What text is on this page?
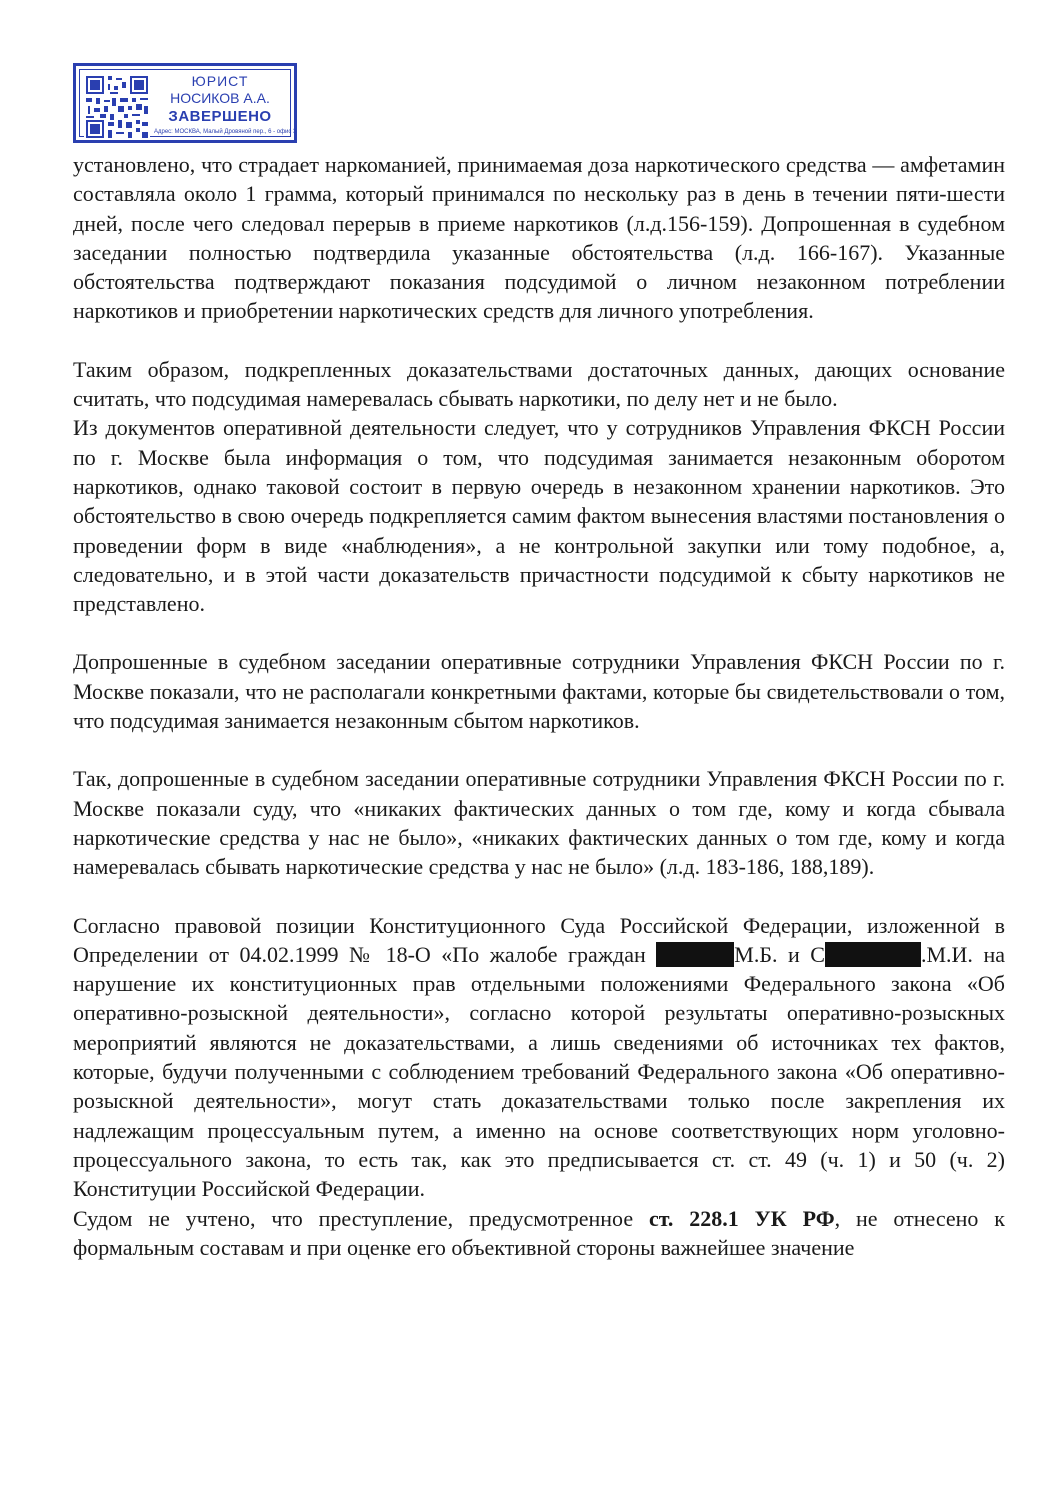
ЮРИСТ
НОСИКОВ А.А.
ЗАВЕРШЕНО
Адрес: МОСКВА, Малый Дровяной пер., 6 - офис 3

установлено, что страдает наркоманией, принимаемая доза наркотического средства — амфетамин составляла около 1 грамма, который принимался по нескольку раз в день в течении пяти-шести дней, после чего следовал перерыв в приеме наркотиков (л.д.156-159). Допрошенная в судебном заседании полностью подтвердила указанные обстоятельства (л.д. 166-167). Указанные обстоятельства подтверждают показания подсудимой о личном незаконном потреблении наркотиков и приобретении наркотических средств для личного употребления.

Таким образом, подкрепленных доказательствами достаточных данных, дающих основание считать, что подсудимая намеревалась сбывать наркотики, по делу нет и не было.

Из документов оперативной деятельности следует, что у сотрудников Управления ФКСН России по г. Москве была информация о том, что подсудимая занимается незаконным оборотом наркотиков, однако таковой состоит в первую очередь в незаконном хранении наркотиков. Это обстоятельство в свою очередь подкрепляется самим фактом вынесения властями постановления о проведении форм в виде «наблюдения», а не контрольной закупки или тому подобное, а, следовательно, и в этой части доказательств причастности подсудимой к сбыту наркотиков не представлено.

Допрошенные в судебном заседании оперативные сотрудники Управления ФКСН России по г. Москве показали, что не располагали конкретными фактами, которые бы свидетельствовали о том, что подсудимая занимается незаконным сбытом наркотиков.

Так, допрошенные в судебном заседании оперативные сотрудники Управления ФКСН России по г. Москве показали суду, что «никаких фактических данных о том где, кому и когда сбывала наркотические средства у нас не было», «никаких фактических данных о том где, кому и когда намеревалась сбывать наркотические средства у нас не было» (л.д. 183-186, 188,189).

Согласно правовой позиции Конституционного Суда Российской Федерации, изложенной в Определении от 04.02.1999 № 18-О «По жалобе граждан	М.Б. и С	.М.И. на нарушение их конституционных прав отдельными положениями Федерального закона «Об оперативно-розыскной деятельности», согласно которой результаты оперативно-розыскных мероприятий являются не доказательствами, а лишь сведениями об источниках тех фактов, которые, будучи полученными с соблюдением требований Федерального закона «Об оперативно-розыскной деятельности», могут стать доказательствами только после закрепления их надлежащим процессуальным путем, а именно на основе соответствующих норм уголовно-процессуального закона, то есть так, как это предписывается ст. ст. 49 (ч. 1) и 50 (ч. 2) Конституции Российской Федерации.

Судом не учтено, что преступление, предусмотренное ст. 228.1 УК РФ, не отнесено к формальным составам и при оценке его объективной стороны важнейшее значение
